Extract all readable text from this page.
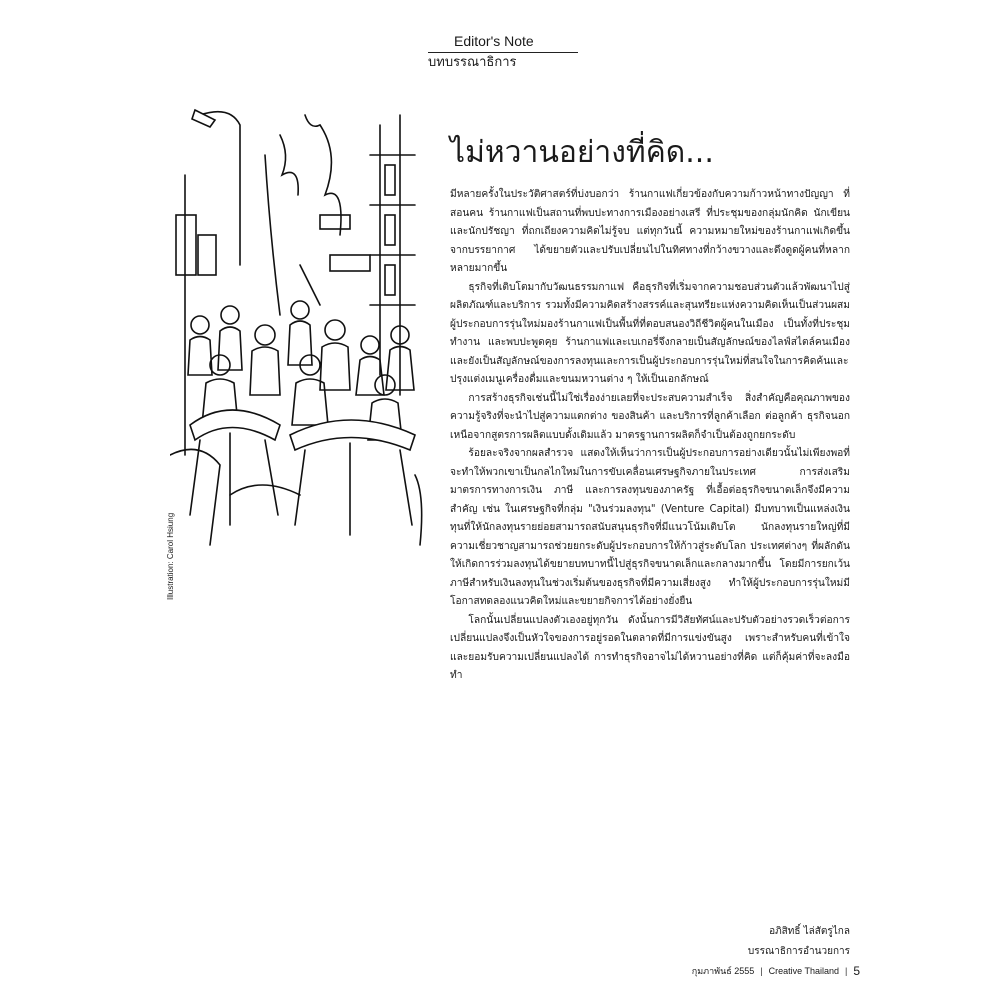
Editor's Note
บทบรรณาธิการ
Illustration: Carol Hsiung
ไม่หวานอย่างที่คิด...

มีหลายครั้งในประวัติศาสตร์ที่บ่งบอกว่า ร้านกาแฟเกี่ยวข้องกับความก้าวหน้าทางปัญญา ที่สอนคน ร้านกาแฟเป็นสถานที่พบปะทางการเมืองอย่างเสรี ที่ประชุมของกลุ่มนักคิด นักเขียน และนักปรัชญา ที่ถกเถียงความคิดไม่รู้จบ แต่ทุกวันนี้ ความหมายใหม่ของร้านกาแฟเกิดขึ้นจากบรรยากาศ ได้ขยายตัวและปรับเปลี่ยนไปในทิศทางที่กว้างขวางและดึงดูดผู้คนที่หลากหลายมากขึ้น

ธุรกิจที่เติบโตมากับวัฒนธรรมกาแฟ คือธุรกิจที่เริ่มจากความชอบส่วนตัวแล้วพัฒนาไปสู่ผลิตภัณฑ์และบริการ รวมทั้งมีความคิดสร้างสรรค์และสุนทรียะแห่งความคิดเห็นเป็นส่วนผสม ผู้ประกอบการรุ่นใหม่มองร้านกาแฟเป็นพื้นที่ที่ตอบสนองวิถีชีวิตผู้คนในเมือง เป็นทั้งที่ประชุม ทำงาน และพบปะพูดคุย ร้านกาแฟและเบเกอรี่จึงกลายเป็นสัญลักษณ์ของไลฟ์สไตล์คนเมือง และยังเป็นสัญลักษณ์ของการลงทุนและการเป็นผู้ประกอบการรุ่นใหม่ที่สนใจในการคิดค้นและปรุงแต่งเมนูเครื่องดื่มและขนมหวานต่าง ๆ ให้เป็นเอกลักษณ์

การสร้างธุรกิจเช่นนี้ไม่ใช่เรื่องง่ายเลยที่จะประสบความสำเร็จ สิ่งสำคัญคือคุณภาพของความรู้จริงที่จะนำไปสู่ความแตกต่าง ของสินค้า และบริการที่ลูกค้าเลือก ต่อลูกค้า ธุรกิจนอกเหนือจากสูตรการผลิตแบบดั้งเดิมแล้ว มาตรฐานการผลิตก็จำเป็นต้องถูกยกระดับ

ร้อยละจริงจากผลสำรวจ แสดงให้เห็นว่าการเป็นผู้ประกอบการอย่างเดียวนั้นไม่เพียงพอที่จะทำให้พวกเขาเป็นกลไกใหม่ในการขับเคลื่อนเศรษฐกิจภายในประเทศ การส่งเสริมมาตรการทางการเงิน ภาษี และการลงทุนของภาครัฐ ที่เอื้อต่อธุรกิจขนาดเล็กจึงมีความสำคัญ เช่น ในเศรษฐกิจที่กลุ่ม "เงินร่วมลงทุน" (Venture Capital) มีบทบาทเป็นแหล่งเงินทุนที่ให้นักลงทุนรายย่อยสามารถสนับสนุนธุรกิจที่มีแนวโน้มเติบโต นักลงทุนรายใหญ่ที่มีความเชี่ยวชาญสามารถช่วยยกระดับผู้ประกอบการให้ก้าวสู่ระดับโลก ประเทศต่างๆ ที่ผลักดันให้เกิดการร่วมลงทุนได้ขยายบทบาทนี้ไปสู่ธุรกิจขนาดเล็กและกลางมากขึ้น โดยมีการยกเว้นภาษีสำหรับเงินลงทุนในช่วงเริ่มต้นของธุรกิจที่มีความเสี่ยงสูง ทำให้ผู้ประกอบการรุ่นใหม่มีโอกาสทดลองแนวคิดใหม่และขยายกิจการได้อย่างยั่งยืน

โลกนั้นเปลี่ยนแปลงตัวเองอยู่ทุกวัน ดังนั้นการมีวิสัยทัศน์และปรับตัวอย่างรวดเร็วต่อการเปลี่ยนแปลงจึงเป็นหัวใจของการอยู่รอดในตลาดที่มีการแข่งขันสูง เพราะสำหรับคนที่เข้าใจและยอมรับความเปลี่ยนแปลงได้ การทำธุรกิจอาจไม่ได้หวานอย่างที่คิด แต่ก็คุ้มค่าที่จะลงมือทำ

อภิสิทธิ์ ไล่สัตรูไกล
บรรณาธิการอำนวยการ
กุมภาพันธ์ 2555 | Creative Thailand | 5
